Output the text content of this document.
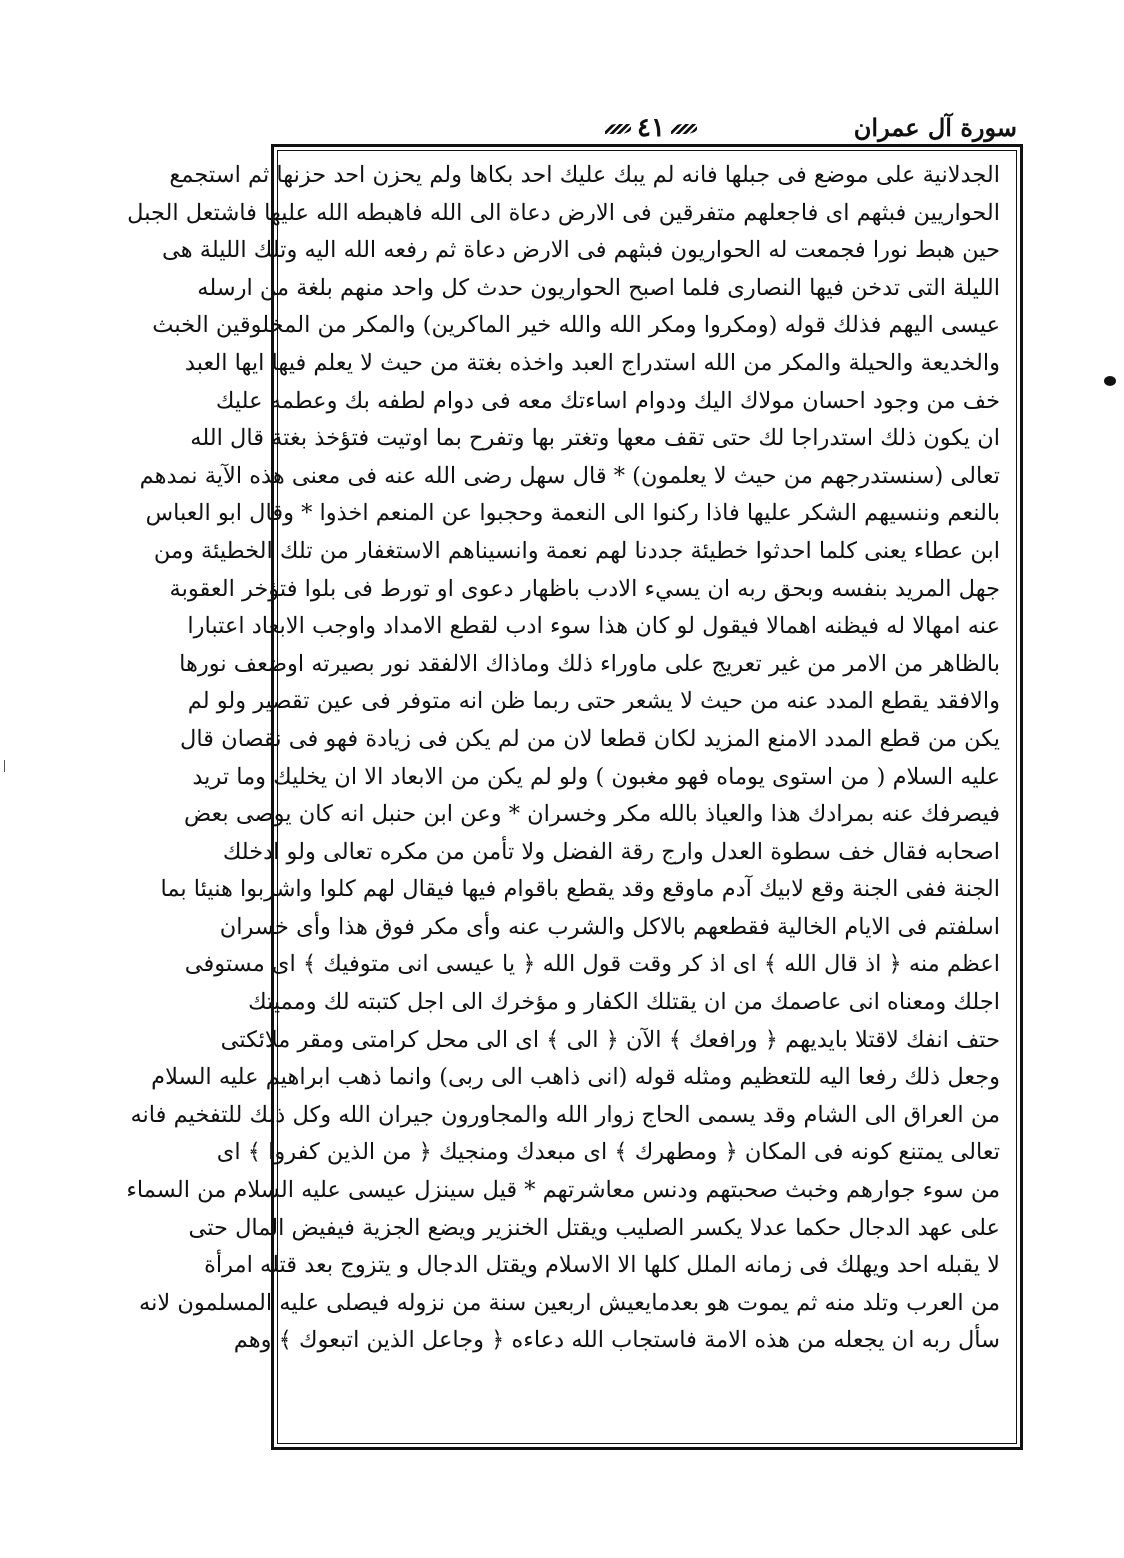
سورة آل عمران
٤١
الجدلانية على موضع فى جبلها فانه لم يبك عليك احد بكاها ولم يحزن احد حزنها ثم استجمع
الحواريين فبثهم اى فاجعلهم متفرقين فى الارض دعاة الى الله فاهبطه الله عليها فاشتعل الجبل
حين هبط نورا فجمعت له الحواريون فبثهم فى الارض دعاة ثم رفعه الله اليه وتلك الليلة هى
الليلة التى تدخن فيها النصارى فلما اصبح الحواريون حدث كل واحد منهم بلغة من ارسله
عيسى اليهم فذلك قوله (ومكروا ومكر الله والله خير الماكرين) والمكر من المخلوقين الخبث
والخديعة والحيلة والمكر من الله استدراج العبد واخذه بغتة من حيث لا يعلم فيها ايها العبد
خف من وجود احسان مولاك اليك ودوام اساءتك معه فى دوام لطفه بك وعطمه عليك
ان يكون ذلك استدراجا لك حتى تقف معها وتغتر بها وتفرح بما اوتيت فتؤخذ بغتة قال الله
تعالى (سنستدرجهم من حيث لا يعلمون) * قال سهل رضى الله عنه فى معنى هذه الآية نمدهم
بالنعم وننسيهم الشكر عليها فاذا ركنوا الى النعمة وحجبوا عن المنعم اخذوا * وقال ابو العباس
ابن عطاء يعنى كلما احدثوا خطيئة جددنا لهم نعمة وانسيناهم الاستغفار من تلك الخطيئة ومن
جهل المريد بنفسه وبحق ربه ان يسيء الادب باظهار دعوى او تورط فى بلوا فتؤخر العقوبة
عنه امهالا له فيظنه اهمالا فيقول لو كان هذا سوء ادب لقطع الامداد واوجب الابعاد اعتبارا
بالظاهر من الامر من غير تعريج على ماوراء ذلك وماذاك الالفقد نور بصيرته اوضعف نورها
والافقد يقطع المدد عنه من حيث لا يشعر حتى ربما ظن انه متوفر فى عين تقصير ولو لم
يكن من قطع المدد الامنع المزيد لكان قطعا لان من لم يكن فى زيادة فهو فى نقصان قال
عليه السلام ( من استوى يوماه فهو مغبون ) ولو لم يكن من الابعاد الا ان يخليك وما تريد
فيصرفك عنه بمرادك هذا والعياذ بالله مكر وخسران * وعن ابن حنبل انه كان يوصى بعض
اصحابه فقال خف سطوة العدل وارج رقة الفضل ولا تأمن من مكره تعالى ولو ادخلك
الجنة ففى الجنة وقع لابيك آدم ماوقع وقد يقطع باقوام فيها فيقال لهم كلوا واشربوا هنيئا بما
اسلفتم فى الايام الخالية فقطعهم بالاكل والشرب عنه وأى مكر فوق هذا وأى خسران
اعظم منه ﴿ اذ قال الله ﴾ اى اذ كر وقت قول الله ﴿ يا عيسى انى متوفيك ﴾ اى مستوفى
اجلك ومعناه انى عاصمك من ان يقتلك الكفار و مؤخرك الى اجل كتبته لك ومميتك
حتف انفك لاقتلا بايديهم ﴿ ورافعك ﴾ الآن ﴿ الى ﴾ اى الى محل كرامتى ومقر ملائكتى
وجعل ذلك رفعا اليه للتعظيم ومثله قوله (انى ذاهب الى ربى) وانما ذهب ابراهيم عليه السلام
من العراق الى الشام وقد يسمى الحاج زوار الله والمجاورون جيران الله وكل ذلك للتفخيم فانه
تعالى يمتنع كونه فى المكان ﴿ ومطهرك ﴾ اى مبعدك ومنجيك ﴿ من الذين كفروا ﴾ اى
من سوء جوارهم وخبث صحبتهم ودنس معاشرتهم * قيل سينزل عيسى عليه السلام من السماء
على عهد الدجال حكما عدلا يكسر الصليب ويقتل الخنزير ويضع الجزية فيفيض المال حتى
لا يقبله احد ويهلك فى زمانه الملل كلها الا الاسلام ويقتل الدجال و يتزوج بعد قتله امرأة
من العرب وتلد منه ثم يموت هو بعدمايعيش اربعين سنة من نزوله فيصلى عليه المسلمون لانه
سأل ربه ان يجعله من هذه الامة فاستجاب الله دعاءه ﴿ وجاعل الذين اتبعوك ﴾ وهم
